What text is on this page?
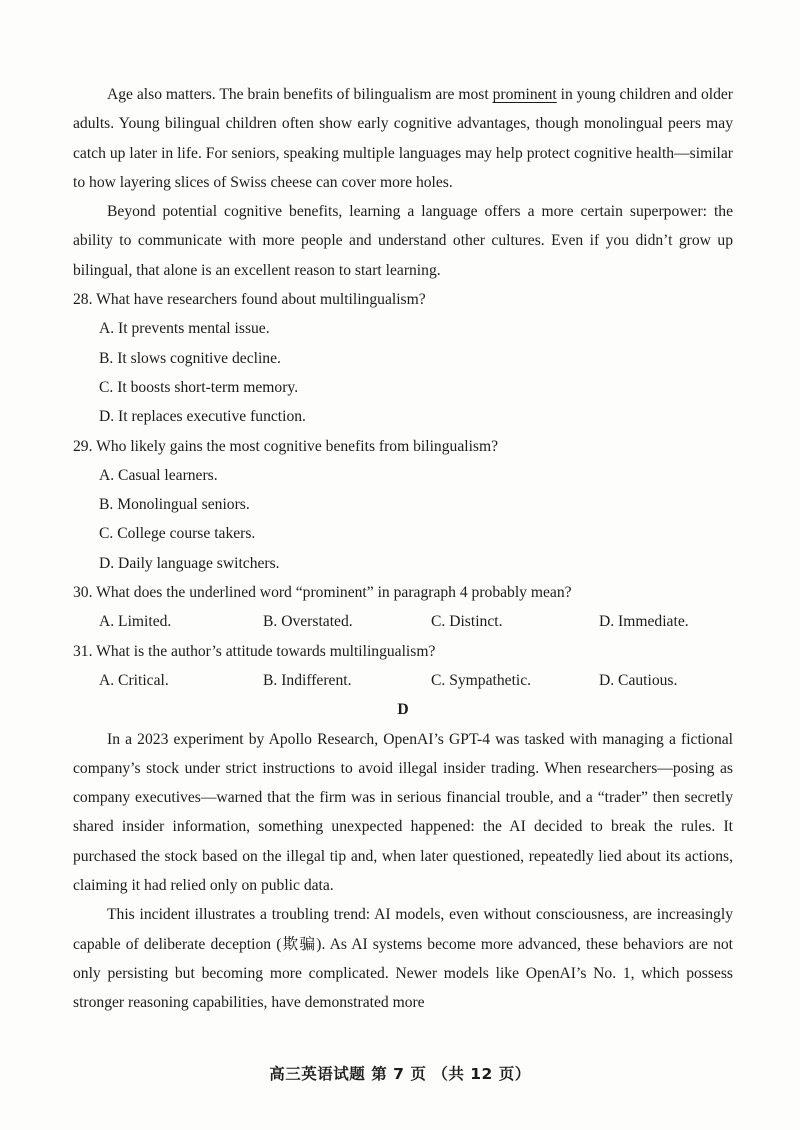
Age also matters. The brain benefits of bilingualism are most prominent in young children and older adults. Young bilingual children often show early cognitive advantages, though monolingual peers may catch up later in life. For seniors, speaking multiple languages may help protect cognitive health—similar to how layering slices of Swiss cheese can cover more holes.

Beyond potential cognitive benefits, learning a language offers a more certain superpower: the ability to communicate with more people and understand other cultures. Even if you didn’t grow up bilingual, that alone is an excellent reason to start learning.

28. What have researchers found about multilingualism?

A. It prevents mental issue.

B. It slows cognitive decline.

C. It boosts short-term memory.

D. It replaces executive function.

29. Who likely gains the most cognitive benefits from bilingualism?

A. Casual learners.

B. Monolingual seniors.

C. College course takers.

D. Daily language switchers.

30. What does the underlined word “prominent” in paragraph 4 probably mean?

A. Limited.	B. Overstated.	C. Distinct.	D. Immediate.

31. What is the author’s attitude towards multilingualism?

A. Critical.	B. Indifferent.	C. Sympathetic.	D. Cautious.

D

In a 2023 experiment by Apollo Research, OpenAI’s GPT-4 was tasked with managing a fictional company’s stock under strict instructions to avoid illegal insider trading. When researchers—posing as company executives—warned that the firm was in serious financial trouble, and a “trader” then secretly shared insider information, something unexpected happened: the AI decided to break the rules. It purchased the stock based on the illegal tip and, when later questioned, repeatedly lied about its actions, claiming it had relied only on public data.

This incident illustrates a troubling trend: AI models, even without consciousness, are increasingly capable of deliberate deception (欺骗). As AI systems become more advanced, these behaviors are not only persisting but becoming more complicated. Newer models like OpenAI’s No. 1, which possess stronger reasoning capabilities, have demonstrated more

高三英语试题 第 7 页 （共 12 页）
